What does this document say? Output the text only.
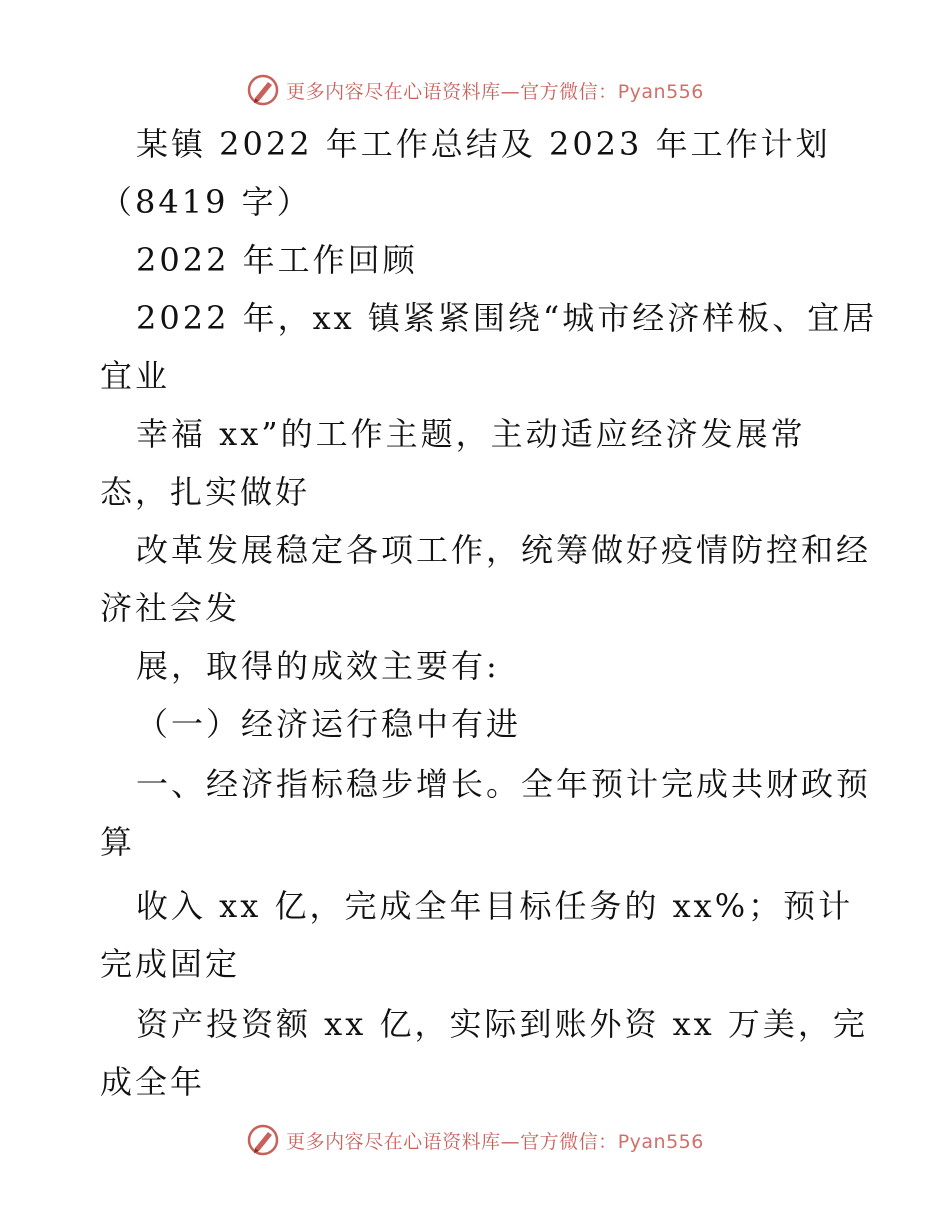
更多内容尽在心语资料库—官方微信：Pyan556
某镇 2022 年工作总结及 2023 年工作计划
（8419 字）
2022 年工作回顾
2022 年，xx 镇紧紧围绕“城市经济样板、宜居
宜业
幸福 xx”的工作主题，主动适应经济发展常
态，扎实做好
改革发展稳定各项工作，统筹做好疫情防控和经
济社会发
展，取得的成效主要有:
（一）经济运行稳中有进
一、经济指标稳步增长。全年预计完成共财政预
算
收入 xx 亿，完成全年目标任务的 xx%；预计
完成固定
资产投资额 xx 亿，实际到账外资 xx 万美，完
成全年
更多内容尽在心语资料库—官方微信：Pyan556
